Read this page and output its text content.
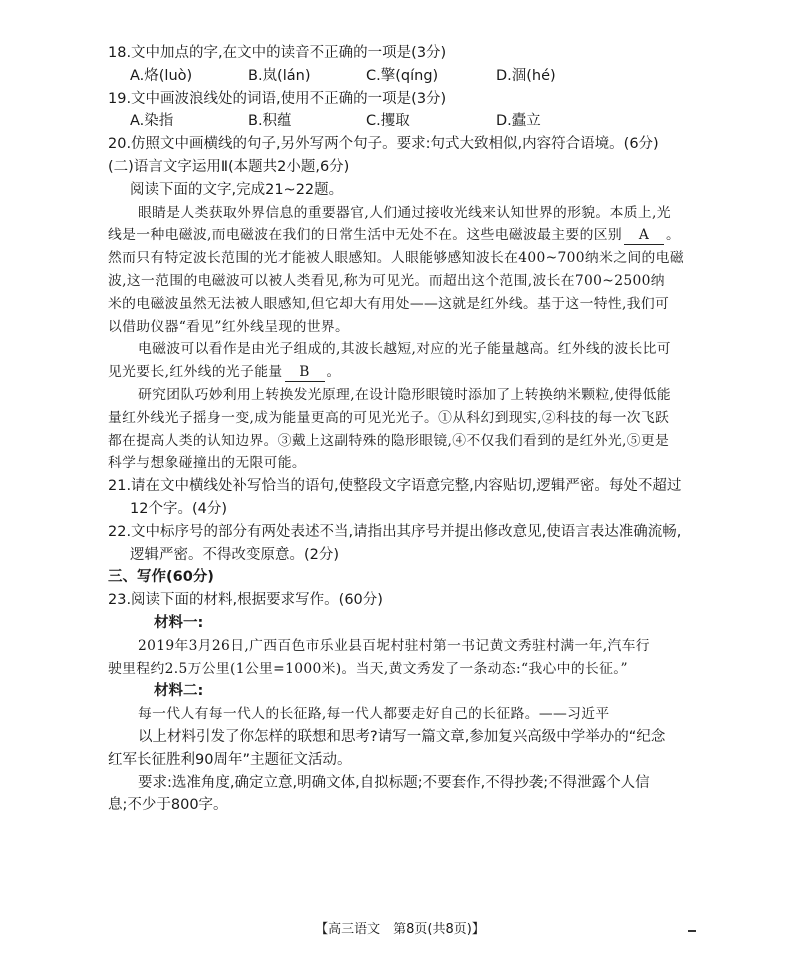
18.文中加点的字,在文中的读音不正确的一项是(3分)
A.烙(luò)	B.岚(lán)	C.擎(qíng)	D.涸(hé)
19.文中画波浪线处的词语,使用不正确的一项是(3分)
A.染指	B.积蕴	C.攫取	D.蠹立
20.仿照文中画横线的句子,另外写两个句子。要求:句式大致相似,内容符合语境。(6分)
(二)语言文字运用Ⅱ(本题共2小题,6分)
阅读下面的文字,完成21~22题。
眼睛是人类获取外界信息的重要器官,人们通过接收光线来认知世界的形貌。本质上,光
线是一种电磁波,而电磁波在我们的日常生活中无处不在。这些电磁波最主要的区别 A 。
然而只有特定波长范围的光才能被人眼感知。人眼能够感知波长在400~700纳米之间的电磁
波,这一范围的电磁波可以被人类看见,称为可见光。而超出这个范围,波长在700~2500纳
米的电磁波虽然无法被人眼感知,但它却大有用处——这就是红外线。基于这一特性,我们可
以借助仪器“看见”红外线呈现的世界。
电磁波可以看作是由光子组成的,其波长越短,对应的光子能量越高。红外线的波长比可
见光要长,红外线的光子能量 B 。
研究团队巧妙利用上转换发光原理,在设计隐形眼镜时添加了上转换纳米颗粒,使得低能
量红外线光子摇身一变,成为能量更高的可见光光子。①从科幻到现实,②科技的每一次飞跃
都在提高人类的认知边界。③戴上这副特殊的隐形眼镜,④不仅我们看到的是红外光,⑤更是
科学与想象碰撞出的无限可能。
21.请在文中横线处补写恰当的语句,使整段文字语意完整,内容贴切,逻辑严密。每处不超过
12个字。(4分)
22.文中标序号的部分有两处表述不当,请指出其序号并提出修改意见,使语言表达准确流畅,
逻辑严密。不得改变原意。(2分)
三、写作(60分)
23.阅读下面的材料,根据要求写作。(60分)
材料一:
2019年3月26日,广西百色市乐业县百坭村驻村第一书记黄文秀驻村满一年,汽车行
驶里程约2.5万公里(1公里=1000米)。当天,黄文秀发了一条动态:“我心中的长征。”
材料二:
每一代人有每一代人的长征路,每一代人都要走好自己的长征路。——习近平
以上材料引发了你怎样的联想和思考?请写一篇文章,参加复兴高级中学举办的“纪念
红军长征胜利90周年”主题征文活动。
要求:选准角度,确定立意,明确文体,自拟标题;不要套作,不得抄袭;不得泄露个人信
息;不少于800字。
【高三语文　第8页(共8页)】
